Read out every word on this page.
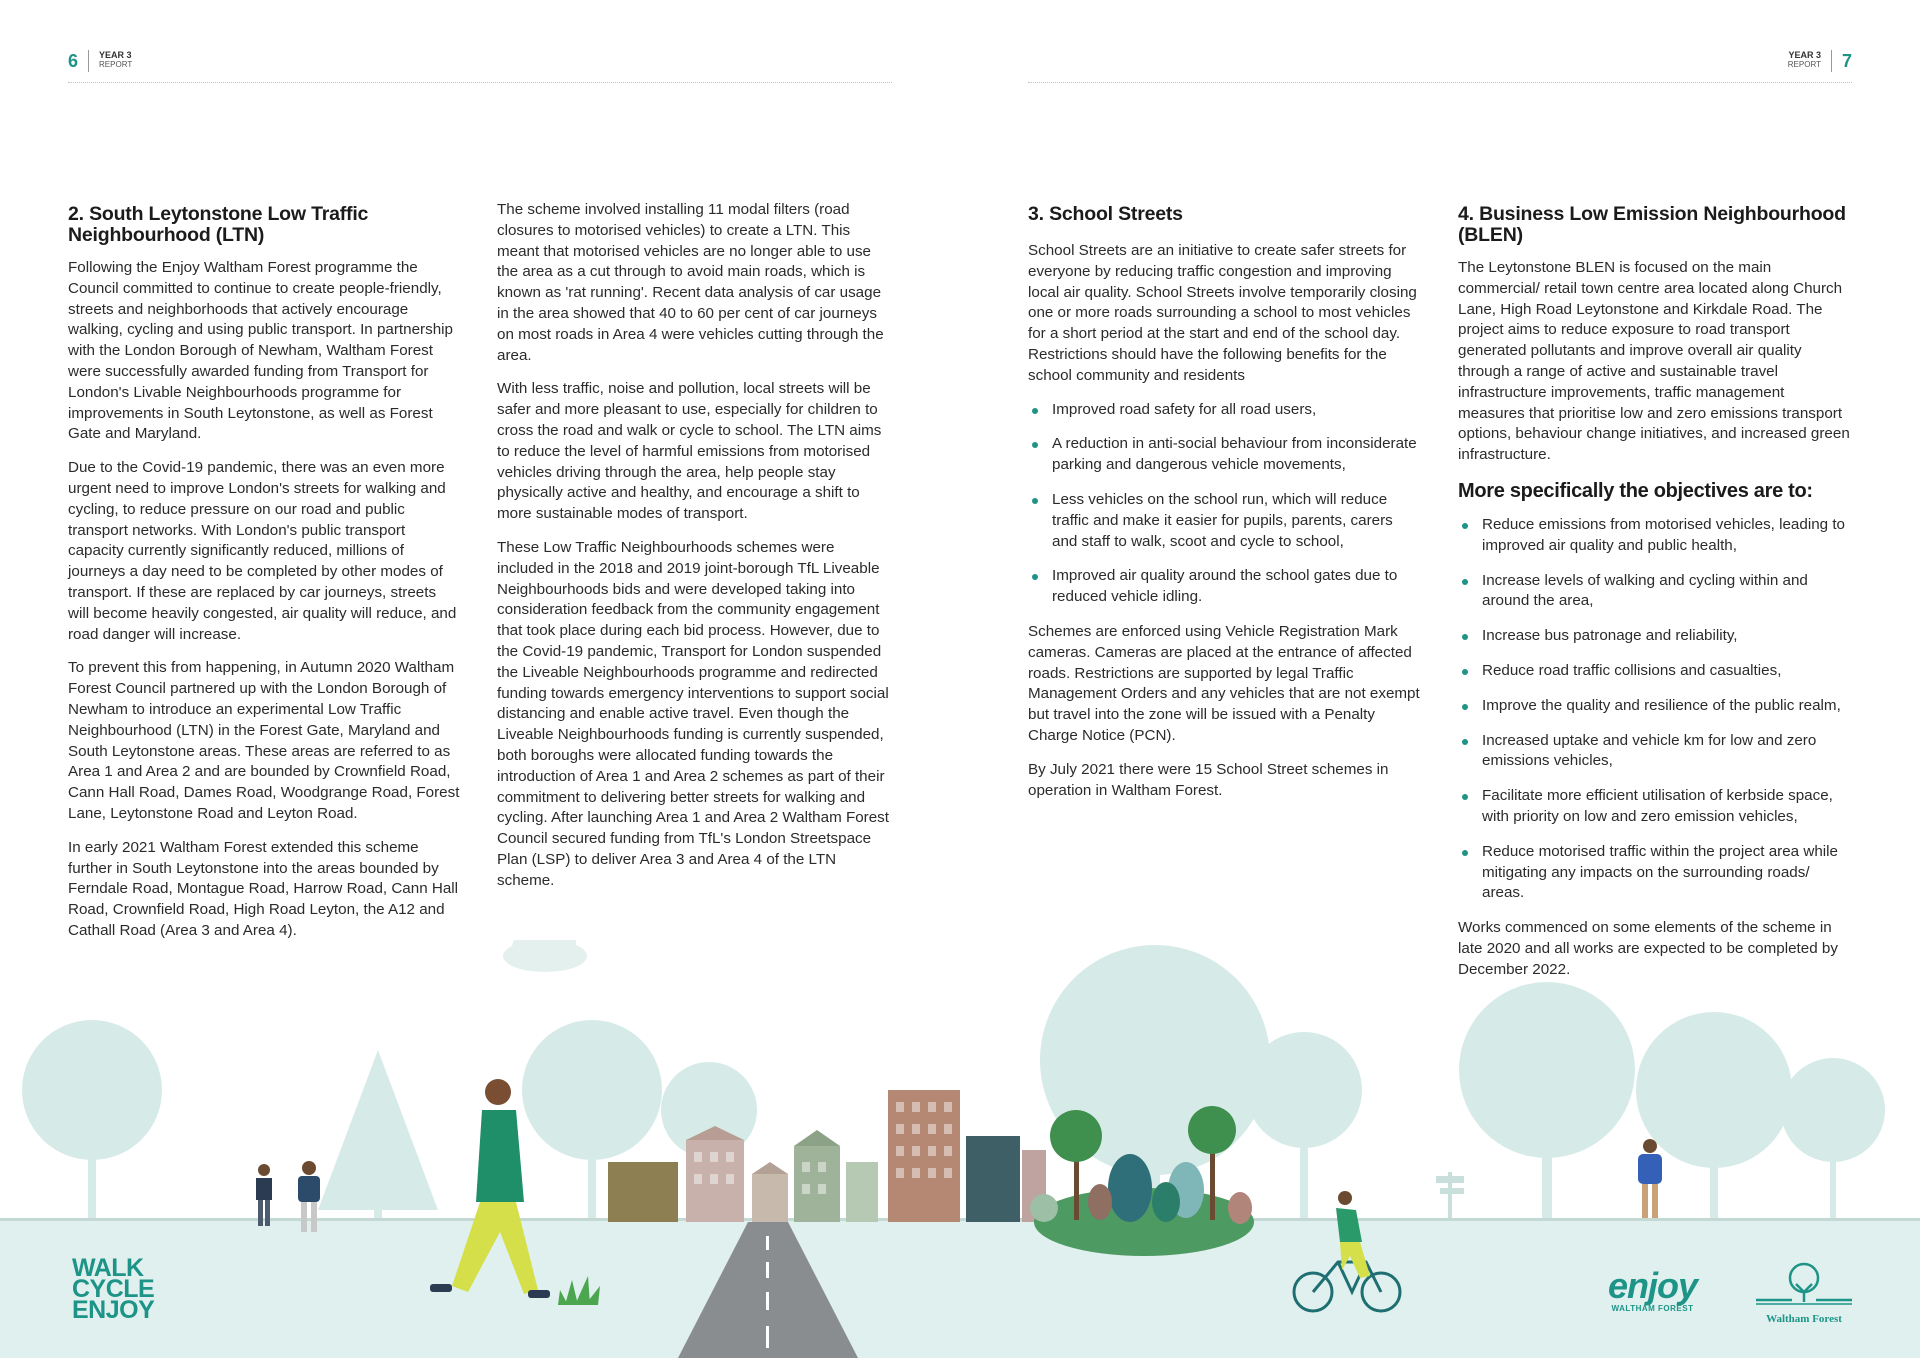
6 YEAR 3
REPORT
YEAR 3
REPORT 7
2. South Leytonstone Low Traffic Neighbourhood (LTN)

Following the Enjoy Waltham Forest programme the Council committed to continue to create people-friendly, streets and neighborhoods that actively encourage walking, cycling and using public transport. In partnership with the London Borough of Newham, Waltham Forest were successfully awarded funding from Transport for London's Livable Neighbourhoods programme for improvements in South Leytonstone, as well as Forest Gate and Maryland.

Due to the Covid-19 pandemic, there was an even more urgent need to improve London's streets for walking and cycling, to reduce pressure on our road and public transport networks. With London's public transport capacity currently significantly reduced, millions of journeys a day need to be completed by other modes of transport. If these are replaced by car journeys, streets will become heavily congested, air quality will reduce, and road danger will increase.

To prevent this from happening, in Autumn 2020 Waltham Forest Council partnered up with the London Borough of Newham to introduce an experimental Low Traffic Neighbourhood (LTN) in the Forest Gate, Maryland and South Leytonstone areas. These areas are referred to as Area 1 and Area 2 and are bounded by Crownfield Road, Cann Hall Road, Dames Road, Woodgrange Road, Forest Lane, Leytonstone Road and Leyton Road.

In early 2021 Waltham Forest extended this scheme further in South Leytonstone into the areas bounded by Ferndale Road, Montague Road, Harrow Road, Cann Hall Road, Crownfield Road, High Road Leyton, the A12 and Cathall Road (Area 3 and Area 4).

The scheme involved installing 11 modal filters (road closures to motorised vehicles) to create a LTN. This meant that motorised vehicles are no longer able to use the area as a cut through to avoid main roads, which is known as 'rat running'. Recent data analysis of car usage in the area showed that 40 to 60 per cent of car journeys on most roads in Area 4 were vehicles cutting through the area.

With less traffic, noise and pollution, local streets will be safer and more pleasant to use, especially for children to cross the road and walk or cycle to school. The LTN aims to reduce the level of harmful emissions from motorised vehicles driving through the area, help people stay physically active and healthy, and encourage a shift to more sustainable modes of transport.

These Low Traffic Neighbourhoods schemes were included in the 2018 and 2019 joint-borough TfL Liveable Neighbourhoods bids and were developed taking into consideration feedback from the community engagement that took place during each bid process. However, due to the Covid-19 pandemic, Transport for London suspended the Liveable Neighbourhoods programme and redirected funding towards emergency interventions to support social distancing and enable active travel. Even though the Liveable Neighbourhoods funding is currently suspended, both boroughs were allocated funding towards the introduction of Area 1 and Area 2 schemes as part of their commitment to delivering better streets for walking and cycling. After launching Area 1 and Area 2 Waltham Forest Council secured funding from TfL's London Streetspace Plan (LSP) to deliver Area 3 and Area 4 of the LTN scheme.

3. School Streets

School Streets are an initiative to create safer streets for everyone by reducing traffic congestion and improving local air quality. School Streets involve temporarily closing one or more roads surrounding a school to most vehicles for a short period at the start and end of the school day. Restrictions should have the following benefits for the school community and residents

Improved road safety for all road users,
A reduction in anti-social behaviour from inconsiderate parking and dangerous vehicle movements,
Less vehicles on the school run, which will reduce traffic and make it easier for pupils, parents, carers and staff to walk, scoot and cycle to school,
Improved air quality around the school gates due to reduced vehicle idling.

Schemes are enforced using Vehicle Registration Mark cameras. Cameras are placed at the entrance of affected roads. Restrictions are supported by legal Traffic Management Orders and any vehicles that are not exempt but travel into the zone will be issued with a Penalty Charge Notice (PCN).

By July 2021 there were 15 School Street schemes in operation in Waltham Forest.

4. Business Low Emission Neighbourhood (BLEN)

The Leytonstone BLEN is focused on the main commercial/ retail town centre area located along Church Lane, High Road Leytonstone and Kirkdale Road. The project aims to reduce exposure to road transport generated pollutants and improve overall air quality through a range of active and sustainable travel infrastructure improvements, traffic management measures that prioritise low and zero emissions transport options, behaviour change initiatives, and increased green infrastructure.

More specifically the objectives are to:
Reduce emissions from motorised vehicles, leading to improved air quality and public health,
Increase levels of walking and cycling within and around the area,
Increase bus patronage and reliability,
Reduce road traffic collisions and casualties,
Improve the quality and resilience of the public realm,
Increased uptake and vehicle km for low and zero emissions vehicles,
Facilitate more efficient utilisation of kerbside space, with priority on low and zero emission vehicles,
Reduce motorised traffic within the project area while mitigating any impacts on the surrounding roads/ areas.

Works commenced on some elements of the scheme in late 2020 and all works are expected to be completed by December 2022.

WALK
CYCLE
ENJOY
enjoy
WALTHAM FOREST
Waltham Forest
